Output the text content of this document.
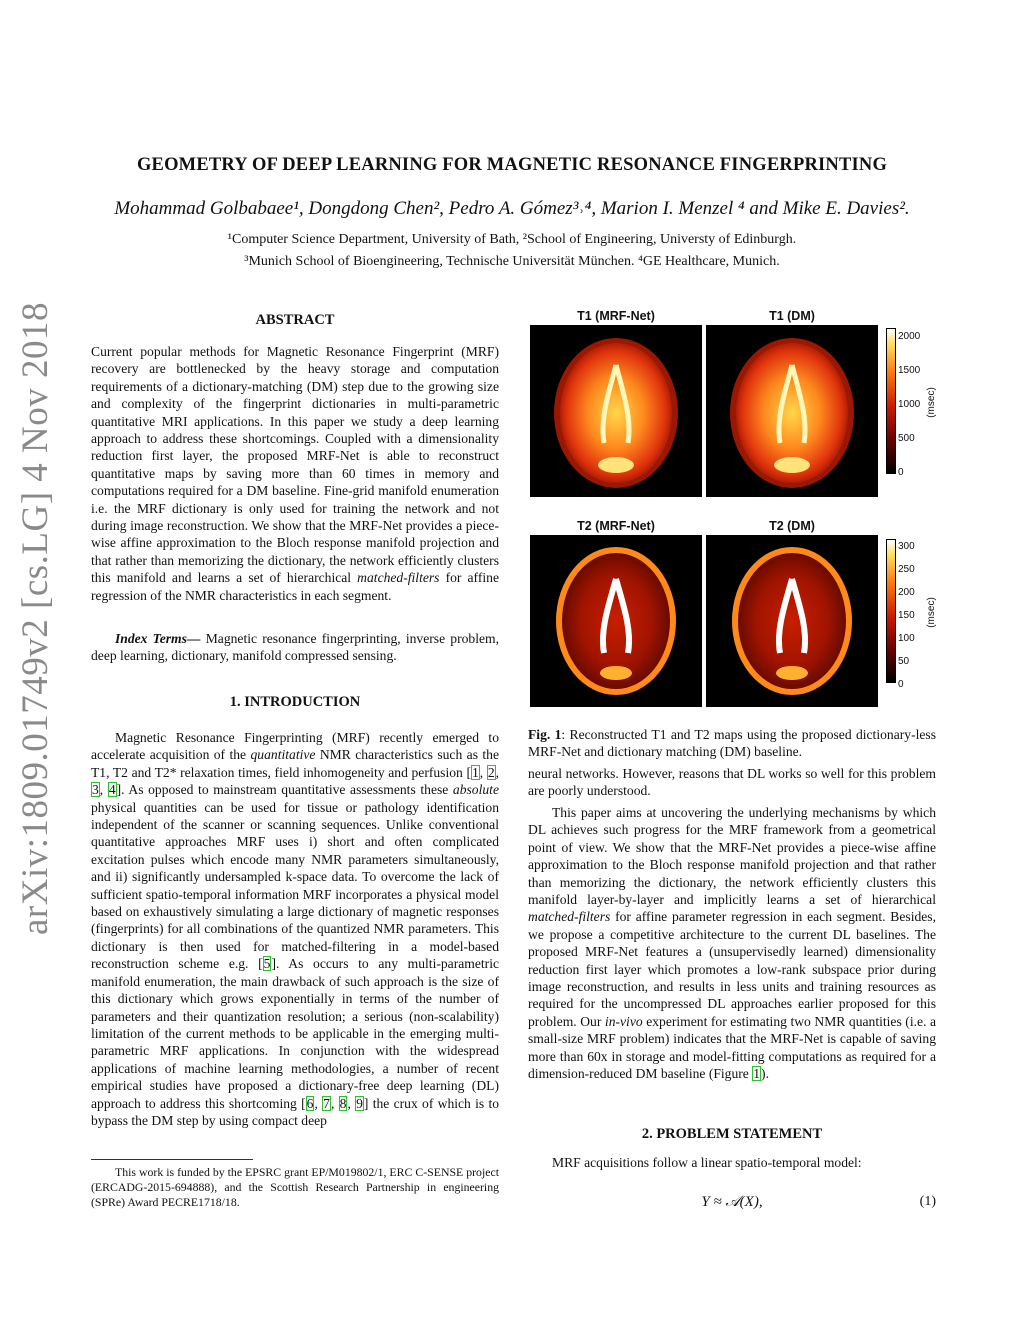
arXiv:1809.01749v2 [cs.LG] 4 Nov 2018
GEOMETRY OF DEEP LEARNING FOR MAGNETIC RESONANCE FINGERPRINTING
Mohammad Golbabaee¹, Dongdong Chen², Pedro A. Gómez³˒⁴, Marion I. Menzel ⁴ and Mike E. Davies².
¹Computer Science Department, University of Bath, ²School of Engineering, Universty of Edinburgh.
³Munich School of Bioengineering, Technische Universität München. ⁴GE Healthcare, Munich.
ABSTRACT
Current popular methods for Magnetic Resonance Fingerprint (MRF) recovery are bottlenecked by the heavy storage and computation requirements of a dictionary-matching (DM) step due to the growing size and complexity of the fingerprint dictionaries in multi-parametric quantitative MRI applications. In this paper we study a deep learning approach to address these shortcomings. Coupled with a dimensionality reduction first layer, the proposed MRF-Net is able to reconstruct quantitative maps by saving more than 60 times in memory and computations required for a DM baseline. Fine-grid manifold enumeration i.e. the MRF dictionary is only used for training the network and not during image reconstruction. We show that the MRF-Net provides a piece-wise affine approximation to the Bloch response manifold projection and that rather than memorizing the dictionary, the network efficiently clusters this manifold and learns a set of hierarchical matched-filters for affine regression of the NMR characteristics in each segment.
Index Terms— Magnetic resonance fingerprinting, inverse problem, deep learning, dictionary, manifold compressed sensing.
1. INTRODUCTION
Magnetic Resonance Fingerprinting (MRF) recently emerged to accelerate acquisition of the quantitative NMR characteristics such as the T1, T2 and T2* relaxation times, field inhomogeneity and perfusion [1, 2, 3, 4]. As opposed to mainstream quantitative assessments these absolute physical quantities can be used for tissue or pathology identification independent of the scanner or scanning sequences. Unlike conventional quantitative approaches MRF uses i) short and often complicated excitation pulses which encode many NMR parameters simultaneously, and ii) significantly undersampled k-space data. To overcome the lack of sufficient spatio-temporal information MRF incorporates a physical model based on exhaustively simulating a large dictionary of magnetic responses (fingerprints) for all combinations of the quantized NMR parameters. This dictionary is then used for matched-filtering in a model-based reconstruction scheme e.g. [5]. As occurs to any multi-parametric manifold enumeration, the main drawback of such approach is the size of this dictionary which grows exponentially in terms of the number of parameters and their quantization resolution; a serious (non-scalability) limitation of the current methods to be applicable in the emerging multi-parametric MRF applications. In conjunction with the widespread applications of machine learning methodologies, a number of recent empirical studies have proposed a dictionary-free deep learning (DL) approach to address this shortcoming [6, 7, 8, 9] the crux of which is to bypass the DM step by using compact deep
This work is funded by the EPSRC grant EP/M019802/1, ERC C-SENSE project (ERCADG-2015-694888), and the Scottish Research Partnership in engineering (SPRe) Award PECRE1718/18.
T1 (MRF-Net)	T1 (DM)
2000
1500
1000
500
0
(msec)
T2 (MRF-Net)	T2 (DM)
300
250
200
150
100
50
0
(msec)
Fig. 1: Reconstructed T1 and T2 maps using the proposed dictionary-less MRF-Net and dictionary matching (DM) baseline.
neural networks. However, reasons that DL works so well for this problem are poorly understood.
This paper aims at uncovering the underlying mechanisms by which DL achieves such progress for the MRF framework from a geometrical point of view. We show that the MRF-Net provides a piece-wise affine approximation to the Bloch response manifold projection and that rather than memorizing the dictionary, the network efficiently clusters this manifold layer-by-layer and implicitly learns a set of hierarchical matched-filters for affine parameter regression in each segment. Besides, we propose a competitive architecture to the current DL baselines. The proposed MRF-Net features a (unsupervisedly learned) dimensionality reduction first layer which promotes a low-rank subspace prior during image reconstruction, and results in less units and training resources as required for the uncompressed DL approaches earlier proposed for this problem. Our in-vivo experiment for estimating two NMR quantities (i.e. a small-size MRF problem) indicates that the MRF-Net is capable of saving more than 60x in storage and model-fitting computations as required for a dimension-reduced DM baseline (Figure 1).
2. PROBLEM STATEMENT
MRF acquisitions follow a linear spatio-temporal model:
Y ≈ 𝒜(X),	(1)
